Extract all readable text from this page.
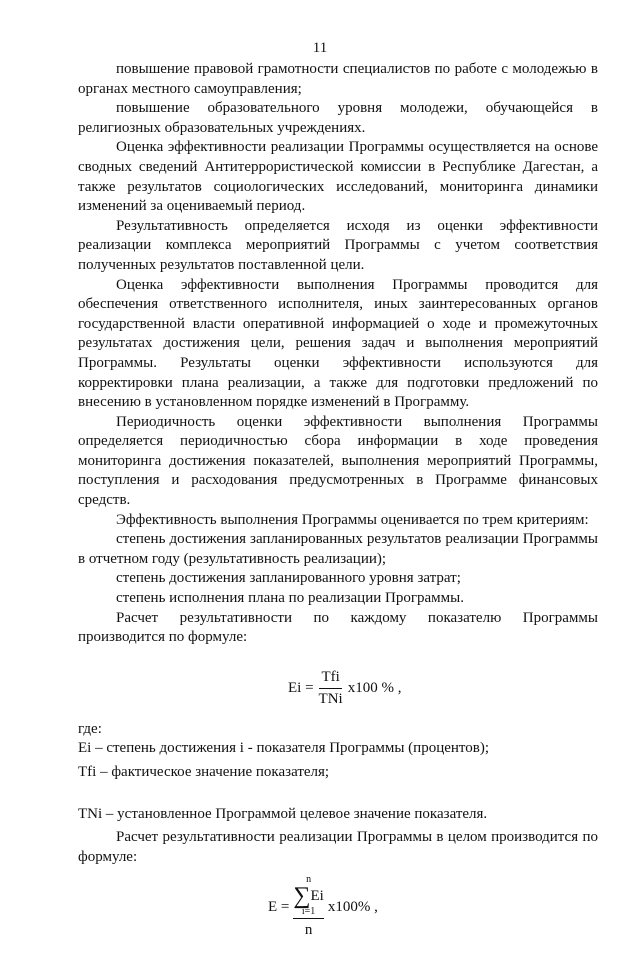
11

повышение правовой грамотности специалистов по работе с молодежью в органах местного самоуправления;

повышение образовательного уровня молодежи, обучающейся в религиозных образовательных учреждениях.

Оценка эффективности реализации Программы осуществляется на основе сводных сведений Антитеррористической комиссии в Республике Дагестан, а также результатов социологических исследований, мониторинга динамики изменений за оцениваемый период.

Результативность определяется исходя из оценки эффективности реализации комплекса мероприятий Программы с учетом соответствия полученных результатов поставленной цели.

Оценка эффективности выполнения Программы проводится для обеспечения ответственного исполнителя, иных заинтересованных органов государственной власти оперативной информацией о ходе и промежуточных результатах достижения цели, решения задач и выполнения мероприятий Программы. Результаты оценки эффективности используются для корректировки плана реализации, а также для подготовки предложений по внесению в установленном порядке изменений в Программу.

Периодичность оценки эффективности выполнения Программы определяется периодичностью сбора информации в ходе проведения мониторинга достижения показателей, выполнения мероприятий Программы, поступления и расходования предусмотренных в Программе финансовых средств.

Эффективность выполнения Программы оценивается по трем критериям:

степень достижения запланированных результатов реализации Программы в отчетном году (результативность реализации);

степень достижения запланированного уровня затрат;

степень исполнения плана по реализации Программы.

Расчет результативности по каждому показателю Программы производится по формуле:

$Ei = \frac{\text{Tfi}}{\text{TNi}} x100$ % ,

где:

Ei – степень достижения i - показателя Программы (процентов);

Tfi – фактическое значение показателя;

TNi – установленное Программой целевое значение показателя.

Расчет результативности реализации Программы в целом производится по формуле:

E =
n
∑ Ei
i=1
n
x100% ,
